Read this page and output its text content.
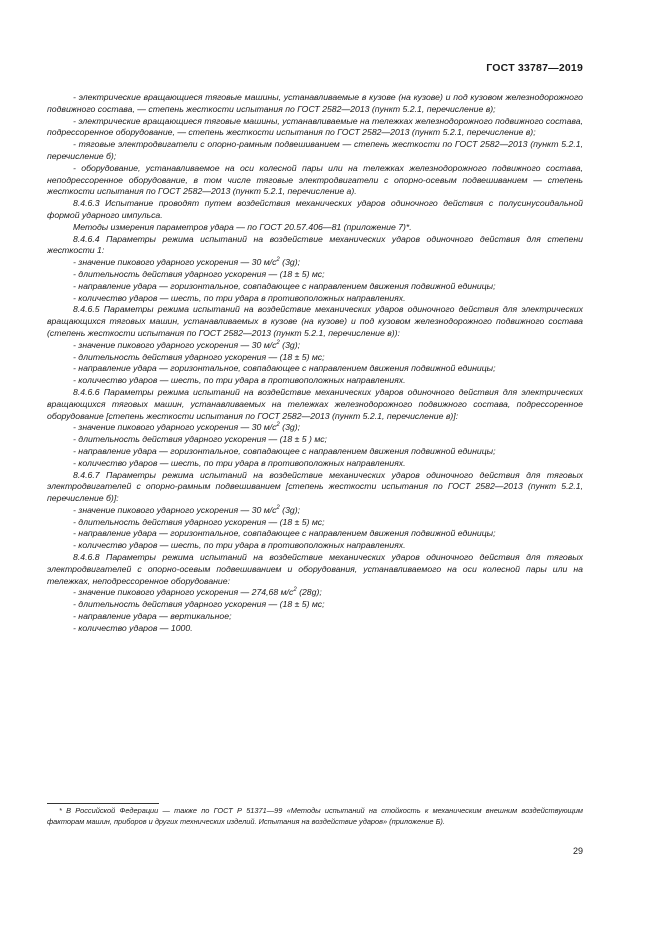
ГОСТ 33787—2019

- электрические вращающиеся тяговые машины, устанавливаемые в кузове (на кузове) и под кузовом железнодорожного подвижного состава, — степень жесткости испытания по ГОСТ 2582—2013 (пункт 5.2.1, перечисление в);

- электрические вращающиеся тяговые машины, устанавливаемые на тележках железнодорожного подвижного состава, подрессоренное оборудование, — степень жесткости испытания по ГОСТ 2582—2013 (пункт 5.2.1, перечисление в);

- тяговые электродвигатели с опорно-рамным подвешиванием — степень жесткости по ГОСТ 2582—2013 (пункт 5.2.1, перечисление б);

- оборудование, устанавливаемое на оси колесной пары или на тележках железнодорожного подвижного состава, неподрессоренное оборудование, в том числе тяговые электродвигатели с опорно-осевым подвешиванием — степень жесткости испытания по ГОСТ 2582—2013 (пункт 5.2.1, перечисление а).

8.4.6.3 Испытание проводят путем воздействия механических ударов одиночного действия с полусинусоидальной формой ударного импульса.

Методы измерения параметров удара — по ГОСТ 20.57.406—81 (приложение 7)*.

8.4.6.4 Параметры режима испытаний на воздействие механических ударов одиночного действия для степени жесткости 1:

- значение пикового ударного ускорения — 30 $м/с^2$ (3g);

- длительность действия ударного ускорения — (18 ± 5) мс;

- направление удара — горизонтальное, совпадающее с направлением движения подвижной единицы;

- количество ударов — шесть, по три удара в противоположных направлениях.

8.4.6.5 Параметры режима испытаний на воздействие механических ударов одиночного действия для электрических вращающихся тяговых машин, устанавливаемых в кузове (на кузове) и под кузовом железнодорожного подвижного состава (степень жесткости испытания по ГОСТ 2582—2013 (пункт 5.2.1, перечисление в)):

- значение пикового ударного ускорения — 30 $м/с^2$ (3g);

- длительность действия ударного ускорения — (18 ± 5) мс;

- направление удара — горизонтальное, совпадающее с направлением движения подвижной единицы;

- количество ударов — шесть, по три удара в противоположных направлениях.

8.4.6.6 Параметры режима испытаний на воздействие механических ударов одиночного действия для электрических вращающихся тяговых машин, устанавливаемых на тележках железнодорожного подвижного состава, подрессоренное оборудование [степень жесткости испытания по ГОСТ 2582—2013 (пункт 5.2.1, перечисление в)]:

- значение пикового ударного ускорения — 30 $м/с^2$ (3g);

- длительность действия ударного ускорения — (18 ± 5 ) мс;

- направление удара — горизонтальное, совпадающее с направлением движения подвижной единицы;

- количество ударов — шесть, по три удара в противоположных направлениях.

8.4.6.7 Параметры режима испытаний на воздействие механических ударов одиночного действия для тяговых электродвигателей с опорно-рамным подвешиванием [степень жесткости испытания по ГОСТ 2582—2013 (пункт 5.2.1, перечисление б)]:

- значение пикового ударного ускорения — 30 $м/с^2$ (3g);

- длительность действия ударного ускорения — (18 ± 5) мс;

- направление удара — горизонтальное, совпадающее с направлением движения подвижной единицы;

- количество ударов — шесть, по три удара в противоположных направлениях.

8.4.6.8 Параметры режима испытаний на воздействие механических ударов одиночного действия для тяговых электродвигателей с опорно-осевым подвешиванием и оборудования, устанавливаемого на оси колесной пары или на тележках, неподрессоренное оборудование:

- значение пикового ударного ускорения — 274,68 $м/с^2$ (28g);

- длительность действия ударного ускорения — (18 ± 5) мс;

- направление удара — вертикальное;

- количество ударов — 1000.

* В Российской Федерации — также по ГОСТ Р 51371—99 «Методы испытаний на стойкость к механическим внешним воздействующим факторам машин, приборов и других технических изделий. Испытания на воздействие ударов» (приложение Б).

29
